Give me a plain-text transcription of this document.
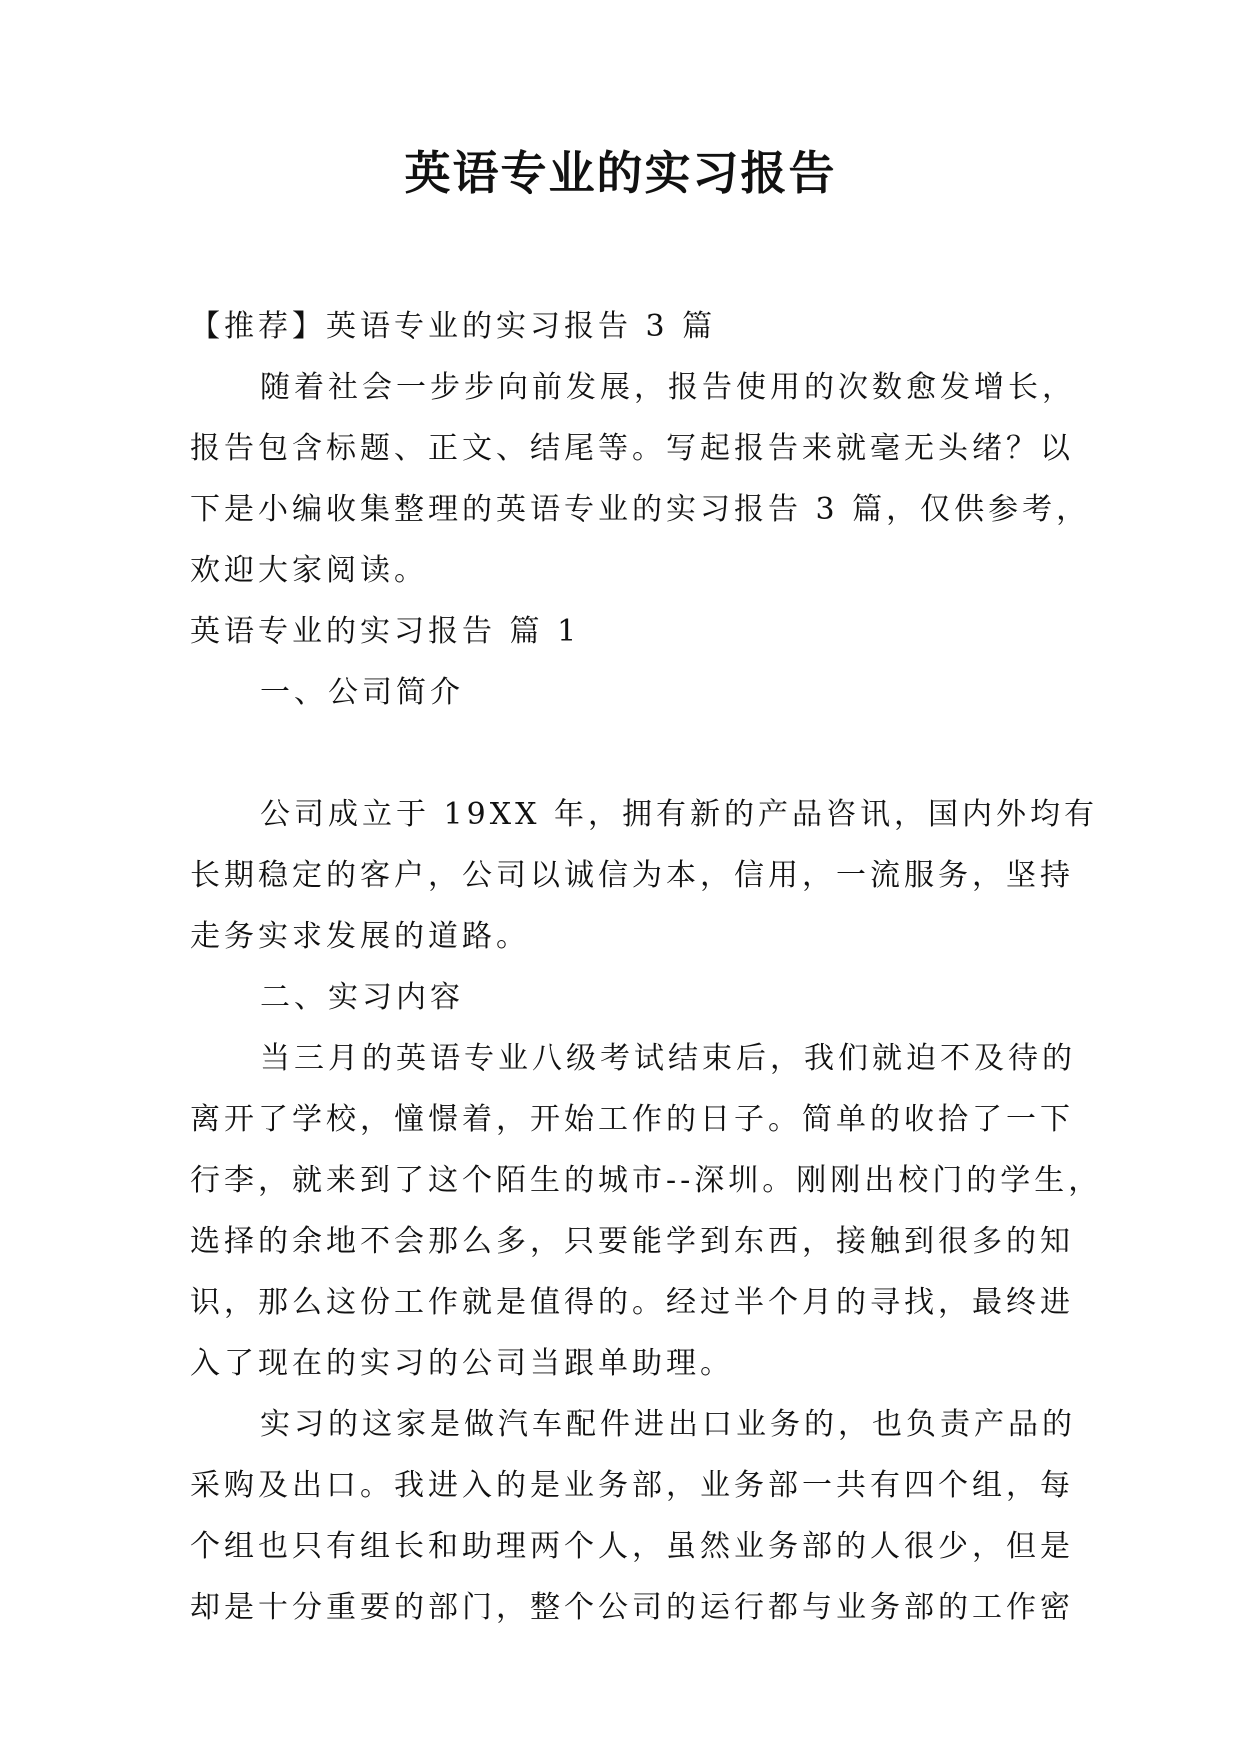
英语专业的实习报告

【推荐】英语专业的实习报告 3 篇

随着社会一步步向前发展，报告使用的次数愈发增长，

报告包含标题、正文、结尾等。写起报告来就毫无头绪？以

下是小编收集整理的英语专业的实习报告 3 篇，仅供参考，

欢迎大家阅读。

英语专业的实习报告 篇 1

一、公司简介

公司成立于 19XX 年，拥有新的产品咨讯，国内外均有

长期稳定的客户，公司以诚信为本，信用，一流服务，坚持

走务实求发展的道路。

二、实习内容

当三月的英语专业八级考试结束后，我们就迫不及待的

离开了学校，憧憬着，开始工作的日子。简单的收拾了一下

行李，就来到了这个陌生的城市--深圳。刚刚出校门的学生，

选择的余地不会那么多，只要能学到东西，接触到很多的知

识，那么这份工作就是值得的。经过半个月的寻找，最终进

入了现在的实习的公司当跟单助理。

实习的这家是做汽车配件进出口业务的，也负责产品的

采购及出口。我进入的是业务部，业务部一共有四个组，每

个组也只有组长和助理两个人，虽然业务部的人很少，但是

却是十分重要的部门，整个公司的运行都与业务部的工作密
